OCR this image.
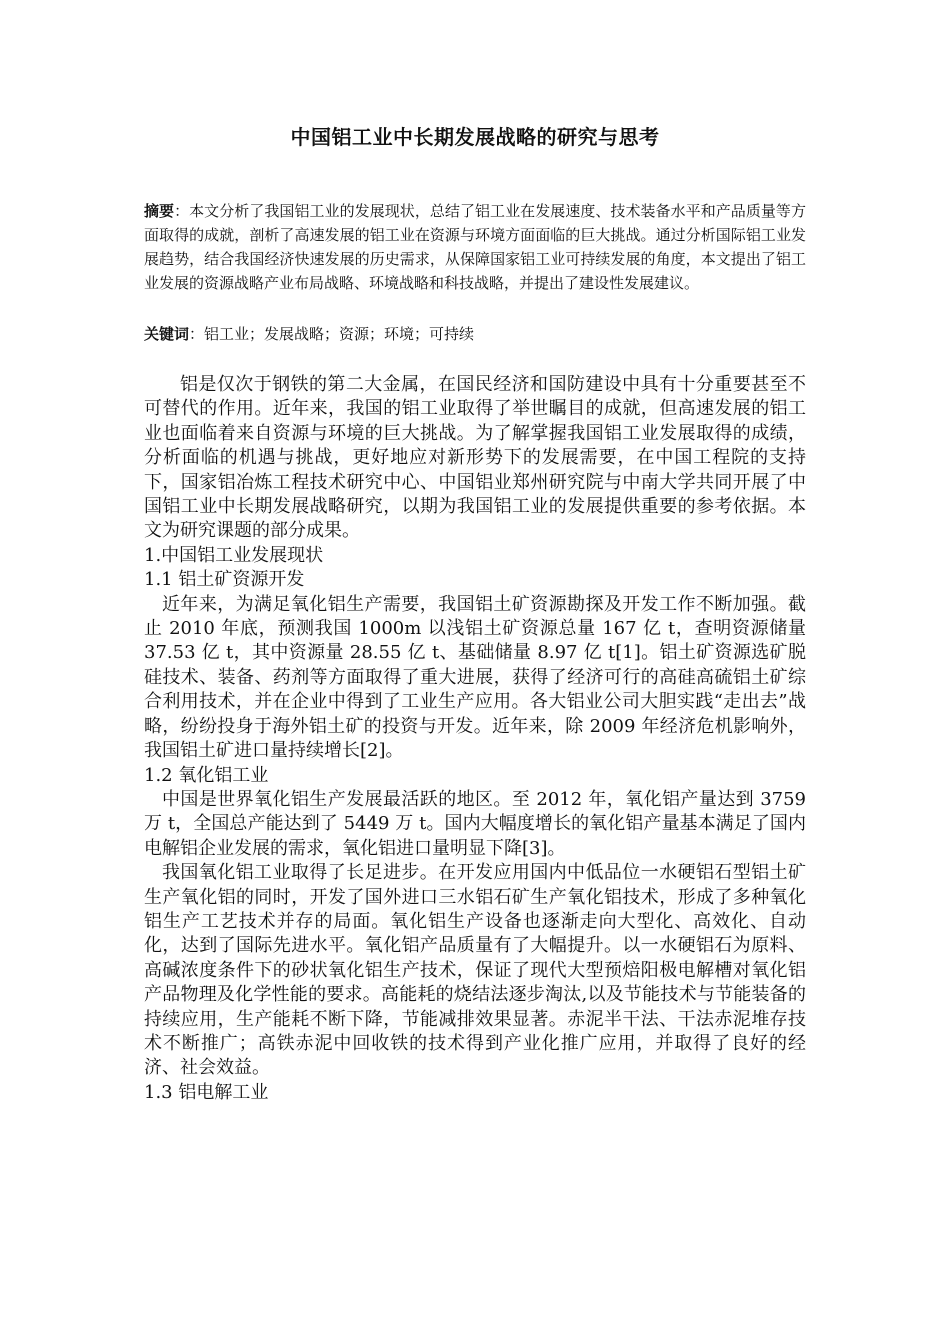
中国铝工业中长期发展战略的研究与思考

摘要：本文分析了我国铝工业的发展现状，总结了铝工业在发展速度、技术装备水平和产品质量等方面取得的成就，剖析了高速发展的铝工业在资源与环境方面面临的巨大挑战。通过分析国际铝工业发展趋势，结合我国经济快速发展的历史需求，从保障国家铝工业可持续发展的角度，本文提出了铝工业发展的资源战略产业布局战略、环境战略和科技战略，并提出了建设性发展建议。

关键词：铝工业；发展战略；资源；环境；可持续

铝是仅次于钢铁的第二大金属，在国民经济和国防建设中具有十分重要甚至不可替代的作用。近年来，我国的铝工业取得了举世瞩目的成就，但高速发展的铝工业也面临着来自资源与环境的巨大挑战。为了解掌握我国铝工业发展取得的成绩，分析面临的机遇与挑战，更好地应对新形势下的发展需要，在中国工程院的支持下，国家铝冶炼工程技术研究中心、中国铝业郑州研究院与中南大学共同开展了中国铝工业中长期发展战略研究，以期为我国铝工业的发展提供重要的参考依据。本文为研究课题的部分成果。

1.中国铝工业发展现状

1.1 铝土矿资源开发

近年来，为满足氧化铝生产需要，我国铝土矿资源勘探及开发工作不断加强。截止 2010 年底，预测我国 1000m 以浅铝土矿资源总量 167 亿 t，查明资源储量 37.53 亿 t，其中资源量 28.55 亿 t、基础储量 8.97 亿 t[1]。铝土矿资源选矿脱硅技术、装备、药剂等方面取得了重大进展，获得了经济可行的高硅高硫铝土矿综合利用技术，并在企业中得到了工业生产应用。各大铝业公司大胆实践“走出去”战略，纷纷投身于海外铝土矿的投资与开发。近年来，除 2009 年经济危机影响外，我国铝土矿进口量持续增长[2]。

1.2 氧化铝工业

中国是世界氧化铝生产发展最活跃的地区。至 2012 年，氧化铝产量达到 3759 万 t，全国总产能达到了 5449 万 t。国内大幅度增长的氧化铝产量基本满足了国内电解铝企业发展的需求，氧化铝进口量明显下降[3]。

我国氧化铝工业取得了长足进步。在开发应用国内中低品位一水硬铝石型铝土矿生产氧化铝的同时，开发了国外进口三水铝石矿生产氧化铝技术，形成了多种氧化铝生产工艺技术并存的局面。氧化铝生产设备也逐渐走向大型化、高效化、自动化，达到了国际先进水平。氧化铝产品质量有了大幅提升。以一水硬铝石为原料、高碱浓度条件下的砂状氧化铝生产技术，保证了现代大型预焙阳极电解槽对氧化铝产品物理及化学性能的要求。高能耗的烧结法逐步淘汰,以及节能技术与节能装备的持续应用，生产能耗不断下降，节能减排效果显著。赤泥半干法、干法赤泥堆存技术不断推广；高铁赤泥中回收铁的技术得到产业化推广应用，并取得了良好的经济、社会效益。

1.3 铝电解工业
